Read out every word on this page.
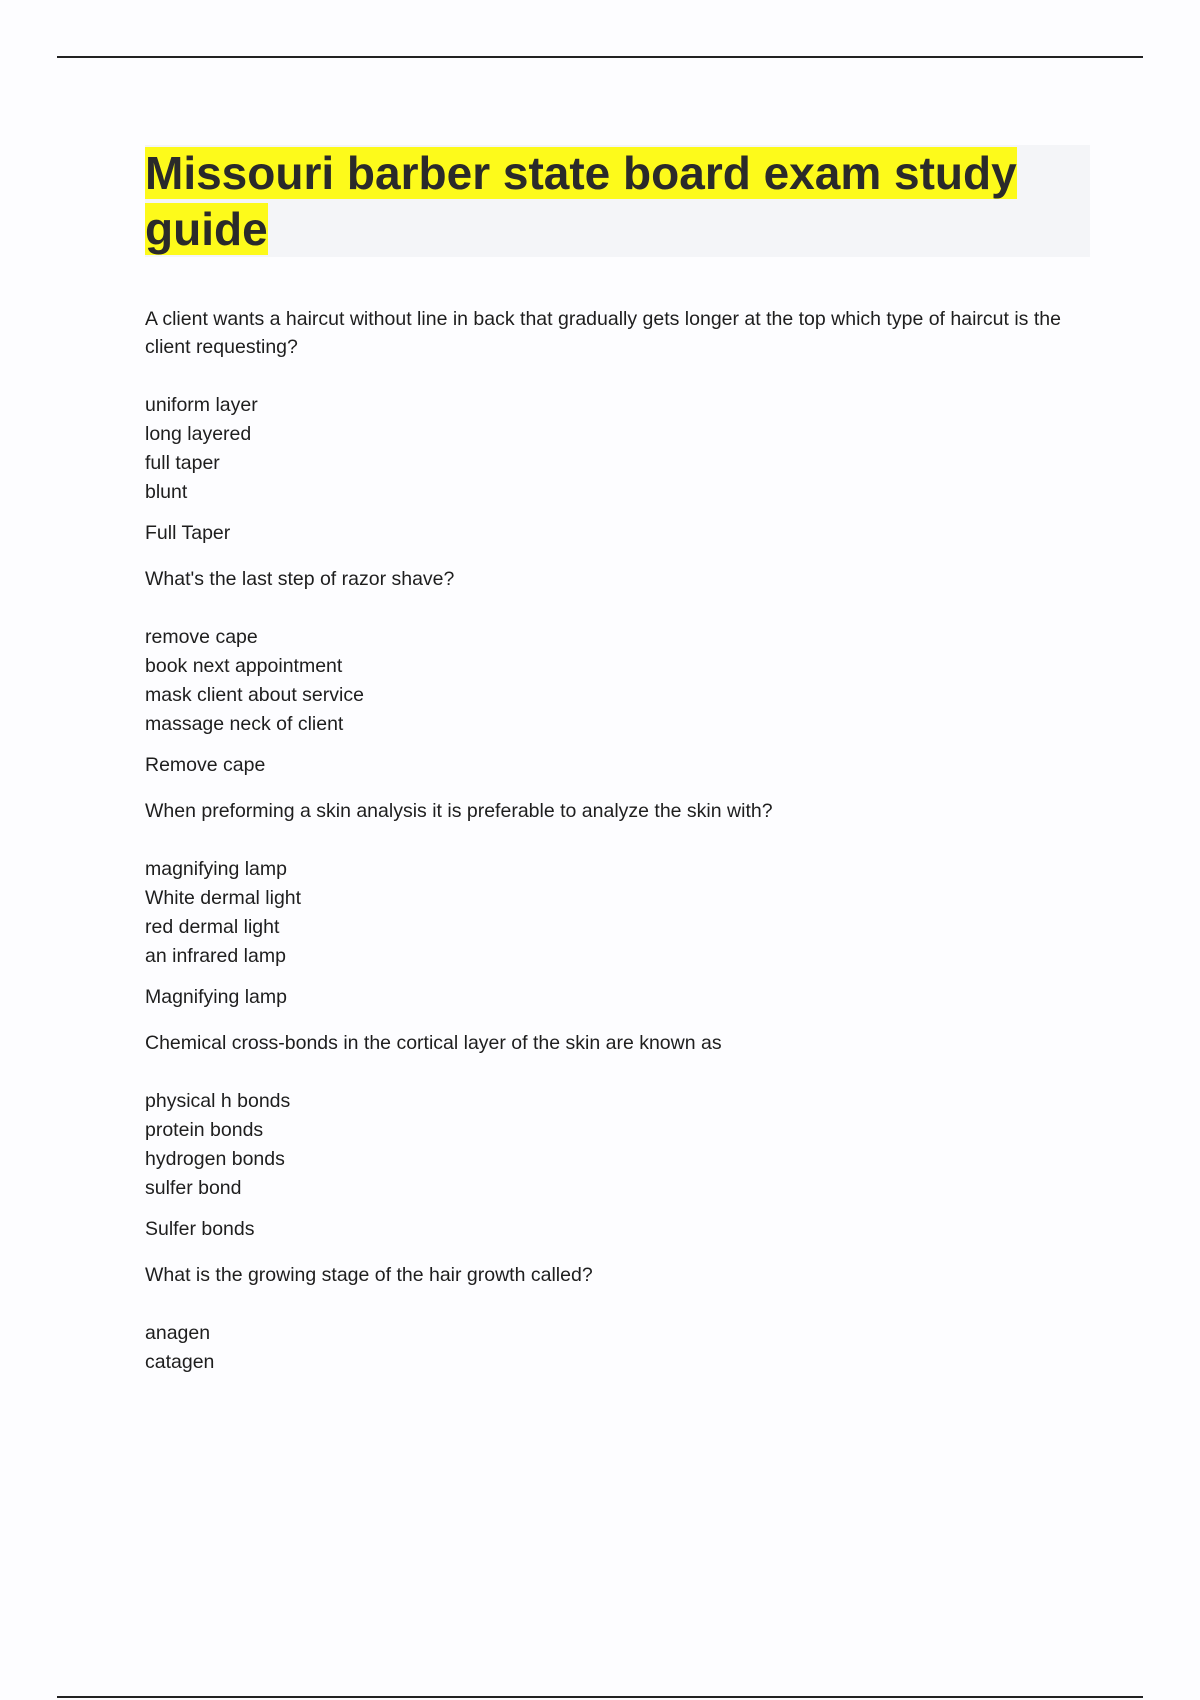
Missouri barber state board exam study guide

A client wants a haircut without line in back that gradually gets longer at the top which type of haircut is the client requesting?

uniform layer
long layered
full taper
blunt

Full Taper

What's the last step of razor shave?

remove cape
book next appointment
mask client about service
massage neck of client

Remove cape

When preforming a skin analysis it is preferable to analyze the skin with?

magnifying lamp
White dermal light
red dermal light
an infrared lamp

Magnifying lamp

Chemical cross-bonds in the cortical layer of the skin are known as

physical h bonds
protein bonds
hydrogen bonds
sulfer bond

Sulfer bonds

What is the growing stage of the hair growth called?

anagen
catagen
